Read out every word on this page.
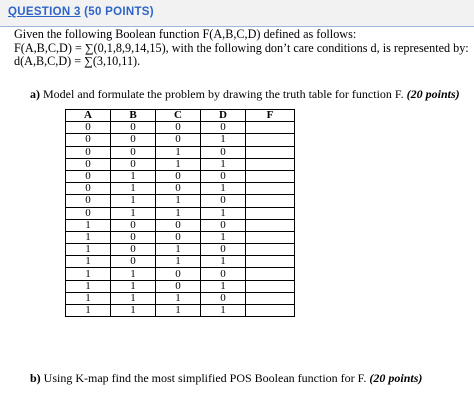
QUESTION 3 (50 POINTS)
Given the following Boolean function F(A,B,C,D) defined as follows:
F(A,B,C,D) = ∑(0,1,8,9,14,15), with the following don’t care conditions d, is represented by:
d(A,B,C,D) = ∑(3,10,11).
a) Model and formulate the problem by drawing the truth table for function F. (20 points)
A	B	C	D	F
0	0	0	0	
0	0	0	1	
0	0	1	0	
0	0	1	1	
0	1	0	0	
0	1	0	1	
0	1	1	0	
0	1	1	1	
1	0	0	0	
1	0	0	1	
1	0	1	0	
1	0	1	1	
1	1	0	0	
1	1	0	1	
1	1	1	0	
1	1	1	1	
b) Using K-map find the most simplified POS Boolean function for F. (20 points)
